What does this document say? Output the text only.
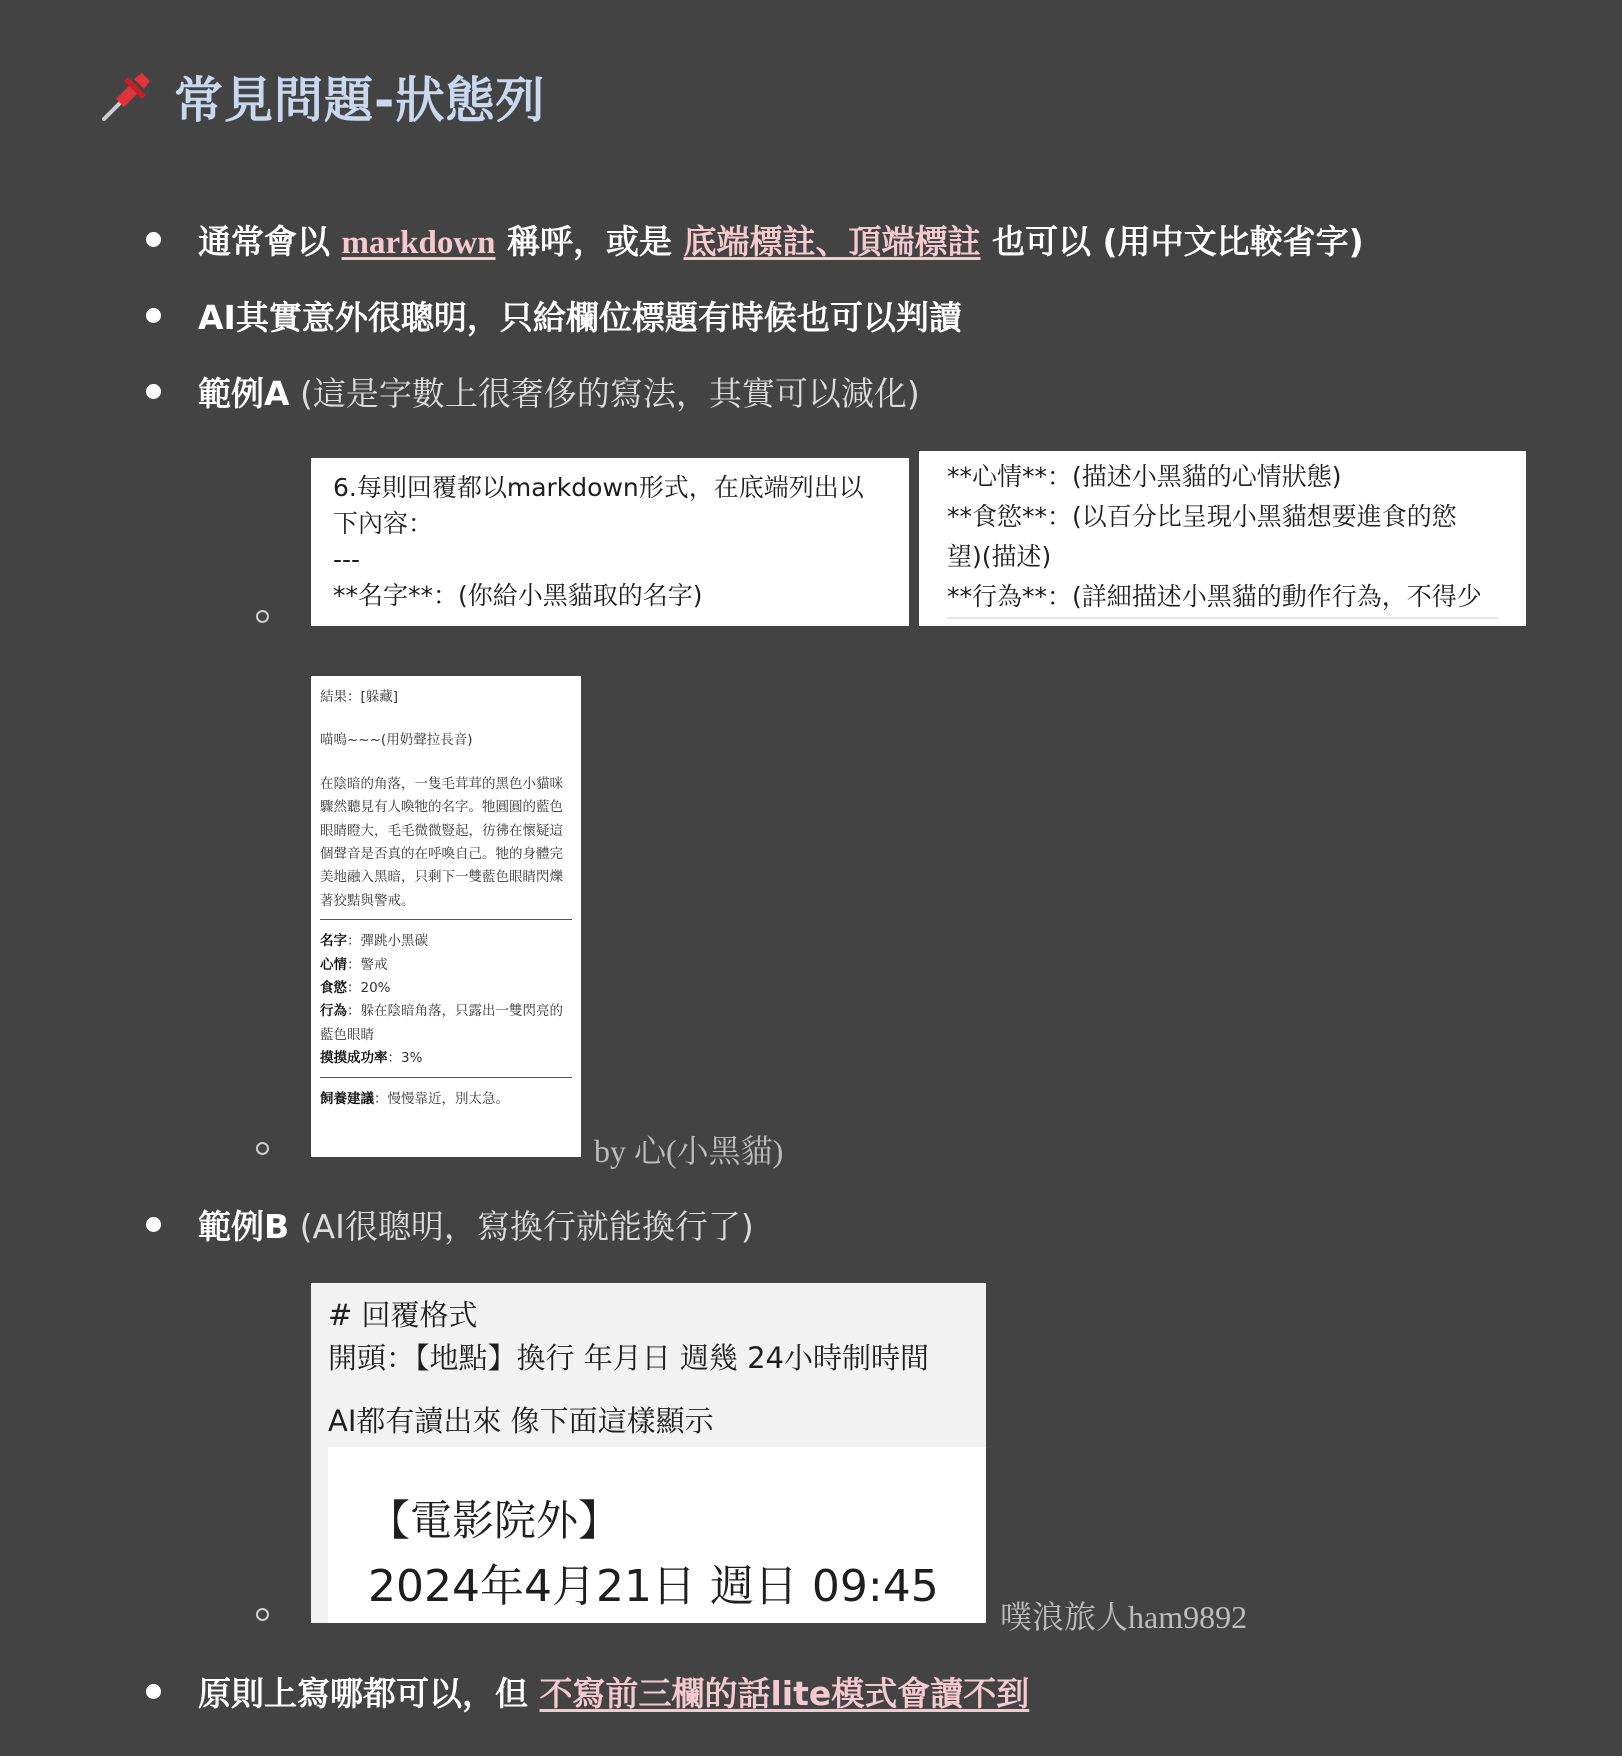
常見問題-狀態列
通常會以 markdown 稱呼，或是 底端標註、頂端標註 也可以 (用中文比較省字)
AI其實意外很聰明，只給欄位標題有時候也可以判讀
範例A (這是字數上很奢侈的寫法，其實可以減化)
6.每則回覆都以markdown形式，在底端列出以
下內容：
---
**名字**：(你給小黑貓取的名字)
**心情**：(描述小黑貓的心情狀態)
**食慾**：(以百分比呈現小黑貓想要進食的慾
望)(描述)
**行為**：(詳細描述小黑貓的動作行為，不得少
結果：[躲藏]
喵嗚~~~(用奶聲拉長音)
在陰暗的角落，一隻毛茸茸的黑色小貓咪驟然聽見有人喚牠的名字。牠圓圓的藍色眼睛瞪大，毛毛微微豎起，彷彿在懷疑這個聲音是否真的在呼喚自己。牠的身體完美地融入黑暗，只剩下一雙藍色眼睛閃爍著狡黠與警戒。
名字：彈跳小黑碳
心情：警戒
食慾：20%
行為：躲在陰暗角落，只露出一雙閃亮的藍色眼睛
摸摸成功率：3%
飼養建議：慢慢靠近，別太急。
by 心(小黑貓)
範例B (AI很聰明，寫換行就能換行了)
# 回覆格式
開頭：【地點】換行 年月日 週幾 24小時制時間
AI都有讀出來 像下面這樣顯示
【電影院外】
2024年4月21日 週日 09:45
噗浪旅人ham9892
原則上寫哪都可以，但 不寫前三欄的話lite模式會讀不到
